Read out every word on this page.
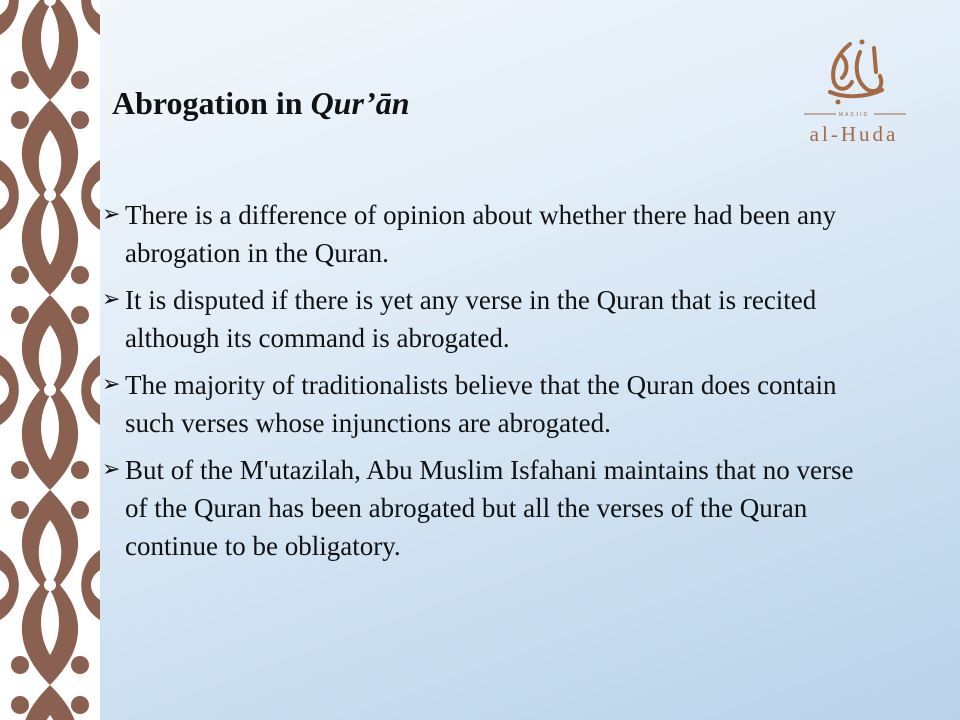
Abrogation in Qur’ān	MASJID
al-Huda
➢ There is a difference of opinion about whether there had been any abrogation in the Quran.
➢ It is disputed if there is yet any verse in the Quran that is recited although its command is abrogated.
➢ The majority of traditionalists believe that the Quran does contain such verses whose injunctions are abrogated.
➢ But of the M'utazilah, Abu Muslim Isfahani maintains that no verse of the Quran has been abrogated but all the verses of the Quran continue to be obligatory.
